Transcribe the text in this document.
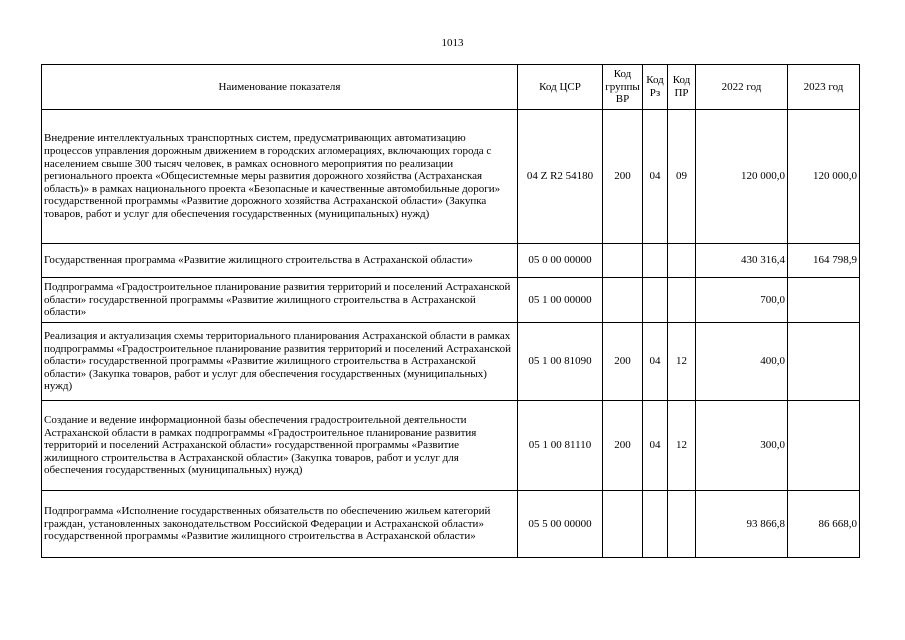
1013
Наименование показателя	Код ЦСР	Код группы ВР	Код Рз	Код ПР	2022 год	2023 год
Внедрение интеллектуальных транспортных систем, предусматривающих автоматизацию процессов управления дорожным движением в городских агломерациях, включающих города с населением свыше 300 тысяч человек, в рамках основного мероприятия по реализации регионального проекта «Общесистемные меры развития дорожного хозяйства (Астраханская область)» в рамках национального проекта «Безопасные и качественные автомобильные дороги» государственной программы «Развитие дорожного хозяйства Астраханской области» (Закупка товаров, работ и услуг для обеспечения государственных (муниципальных) нужд)	04 Z R2 54180	200	04	09	120 000,0	120 000,0
Государственная программа «Развитие жилищного строительства в Астраханской области»	05 0 00 00000				430 316,4	164 798,9
Подпрограмма «Градостроительное планирование развития территорий и поселений Астраханской области» государственной программы «Развитие жилищного строительства в Астраханской области»	05 1 00 00000				700,0	
Реализация и актуализация схемы территориального планирования Астраханской области в рамках подпрограммы «Градостроительное планирование развития территорий и поселений Астраханской области» государственной программы «Развитие жилищного строительства в Астраханской области» (Закупка товаров, работ и услуг для обеспечения государственных (муниципальных) нужд)	05 1 00 81090	200	04	12	400,0	
Создание и ведение информационной базы обеспечения градостроительной деятельности Астраханской области в рамках подпрограммы «Градостроительное планирование развития территорий и поселений Астраханской области» государственной программы «Развитие жилищного строительства в Астраханской области» (Закупка товаров, работ и услуг для обеспечения государственных (муниципальных) нужд)	05 1 00 81110	200	04	12	300,0	
Подпрограмма «Исполнение государственных обязательств по обеспечению жильем категорий граждан, установленных законодательством Российской Федерации и Астраханской области» государственной программы «Развитие жилищного строительства в Астраханской области»	05 5 00 00000				93 866,8	86 668,0
